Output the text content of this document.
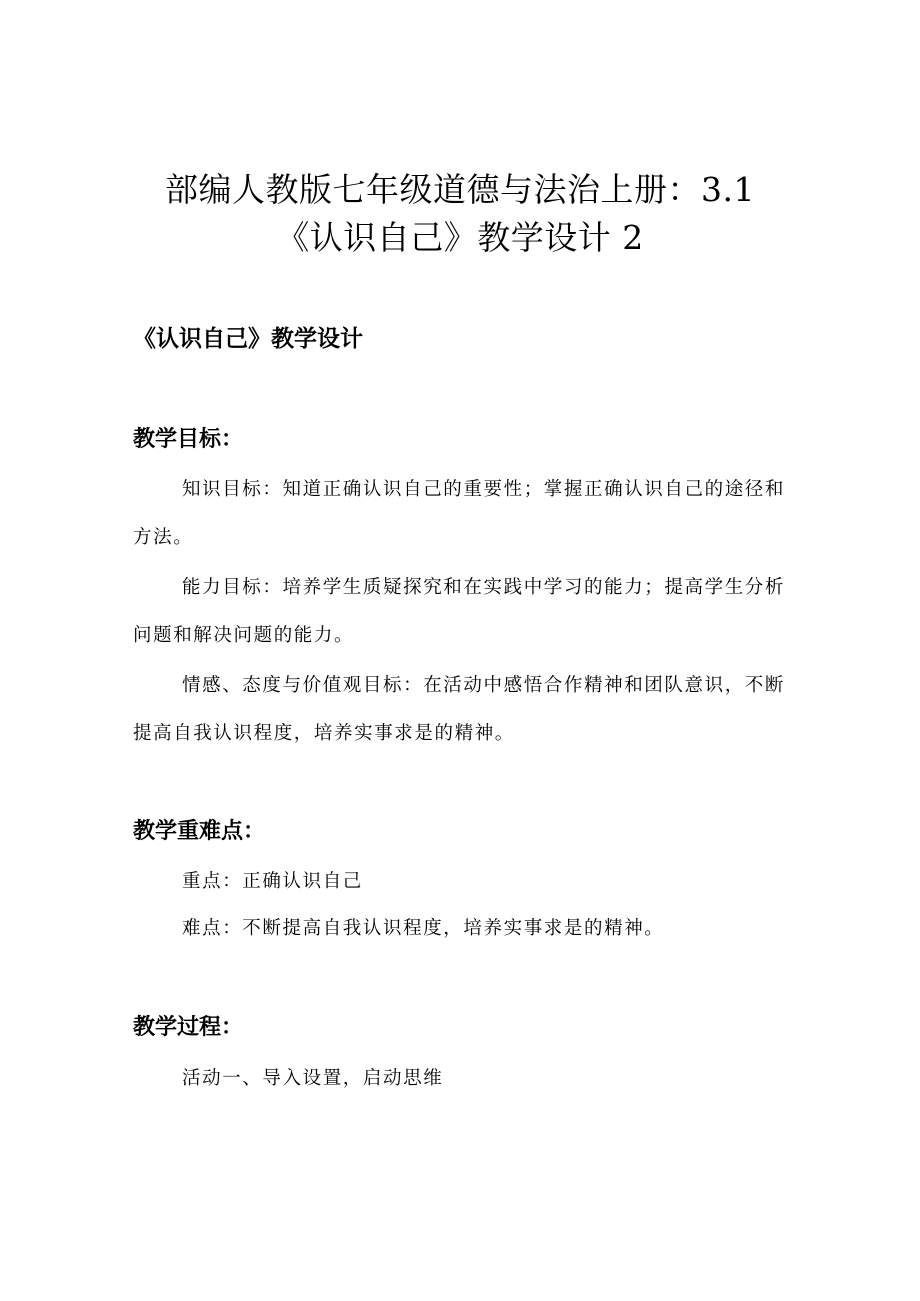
部编人教版七年级道德与法治上册：3.1
《认识自己》教学设计 2
《认识自己》教学设计
教学目标：
知识目标：知道正确认识自己的重要性；掌握正确认识自己的途径和方法。
能力目标：培养学生质疑探究和在实践中学习的能力；提高学生分析问题和解决问题的能力。
情感、态度与价值观目标：在活动中感悟合作精神和团队意识，不断提高自我认识程度，培养实事求是的精神。
教学重难点：
重点：正确认识自己
难点：不断提高自我认识程度，培养实事求是的精神。
教学过程：
活动一、导入设置，启动思维
